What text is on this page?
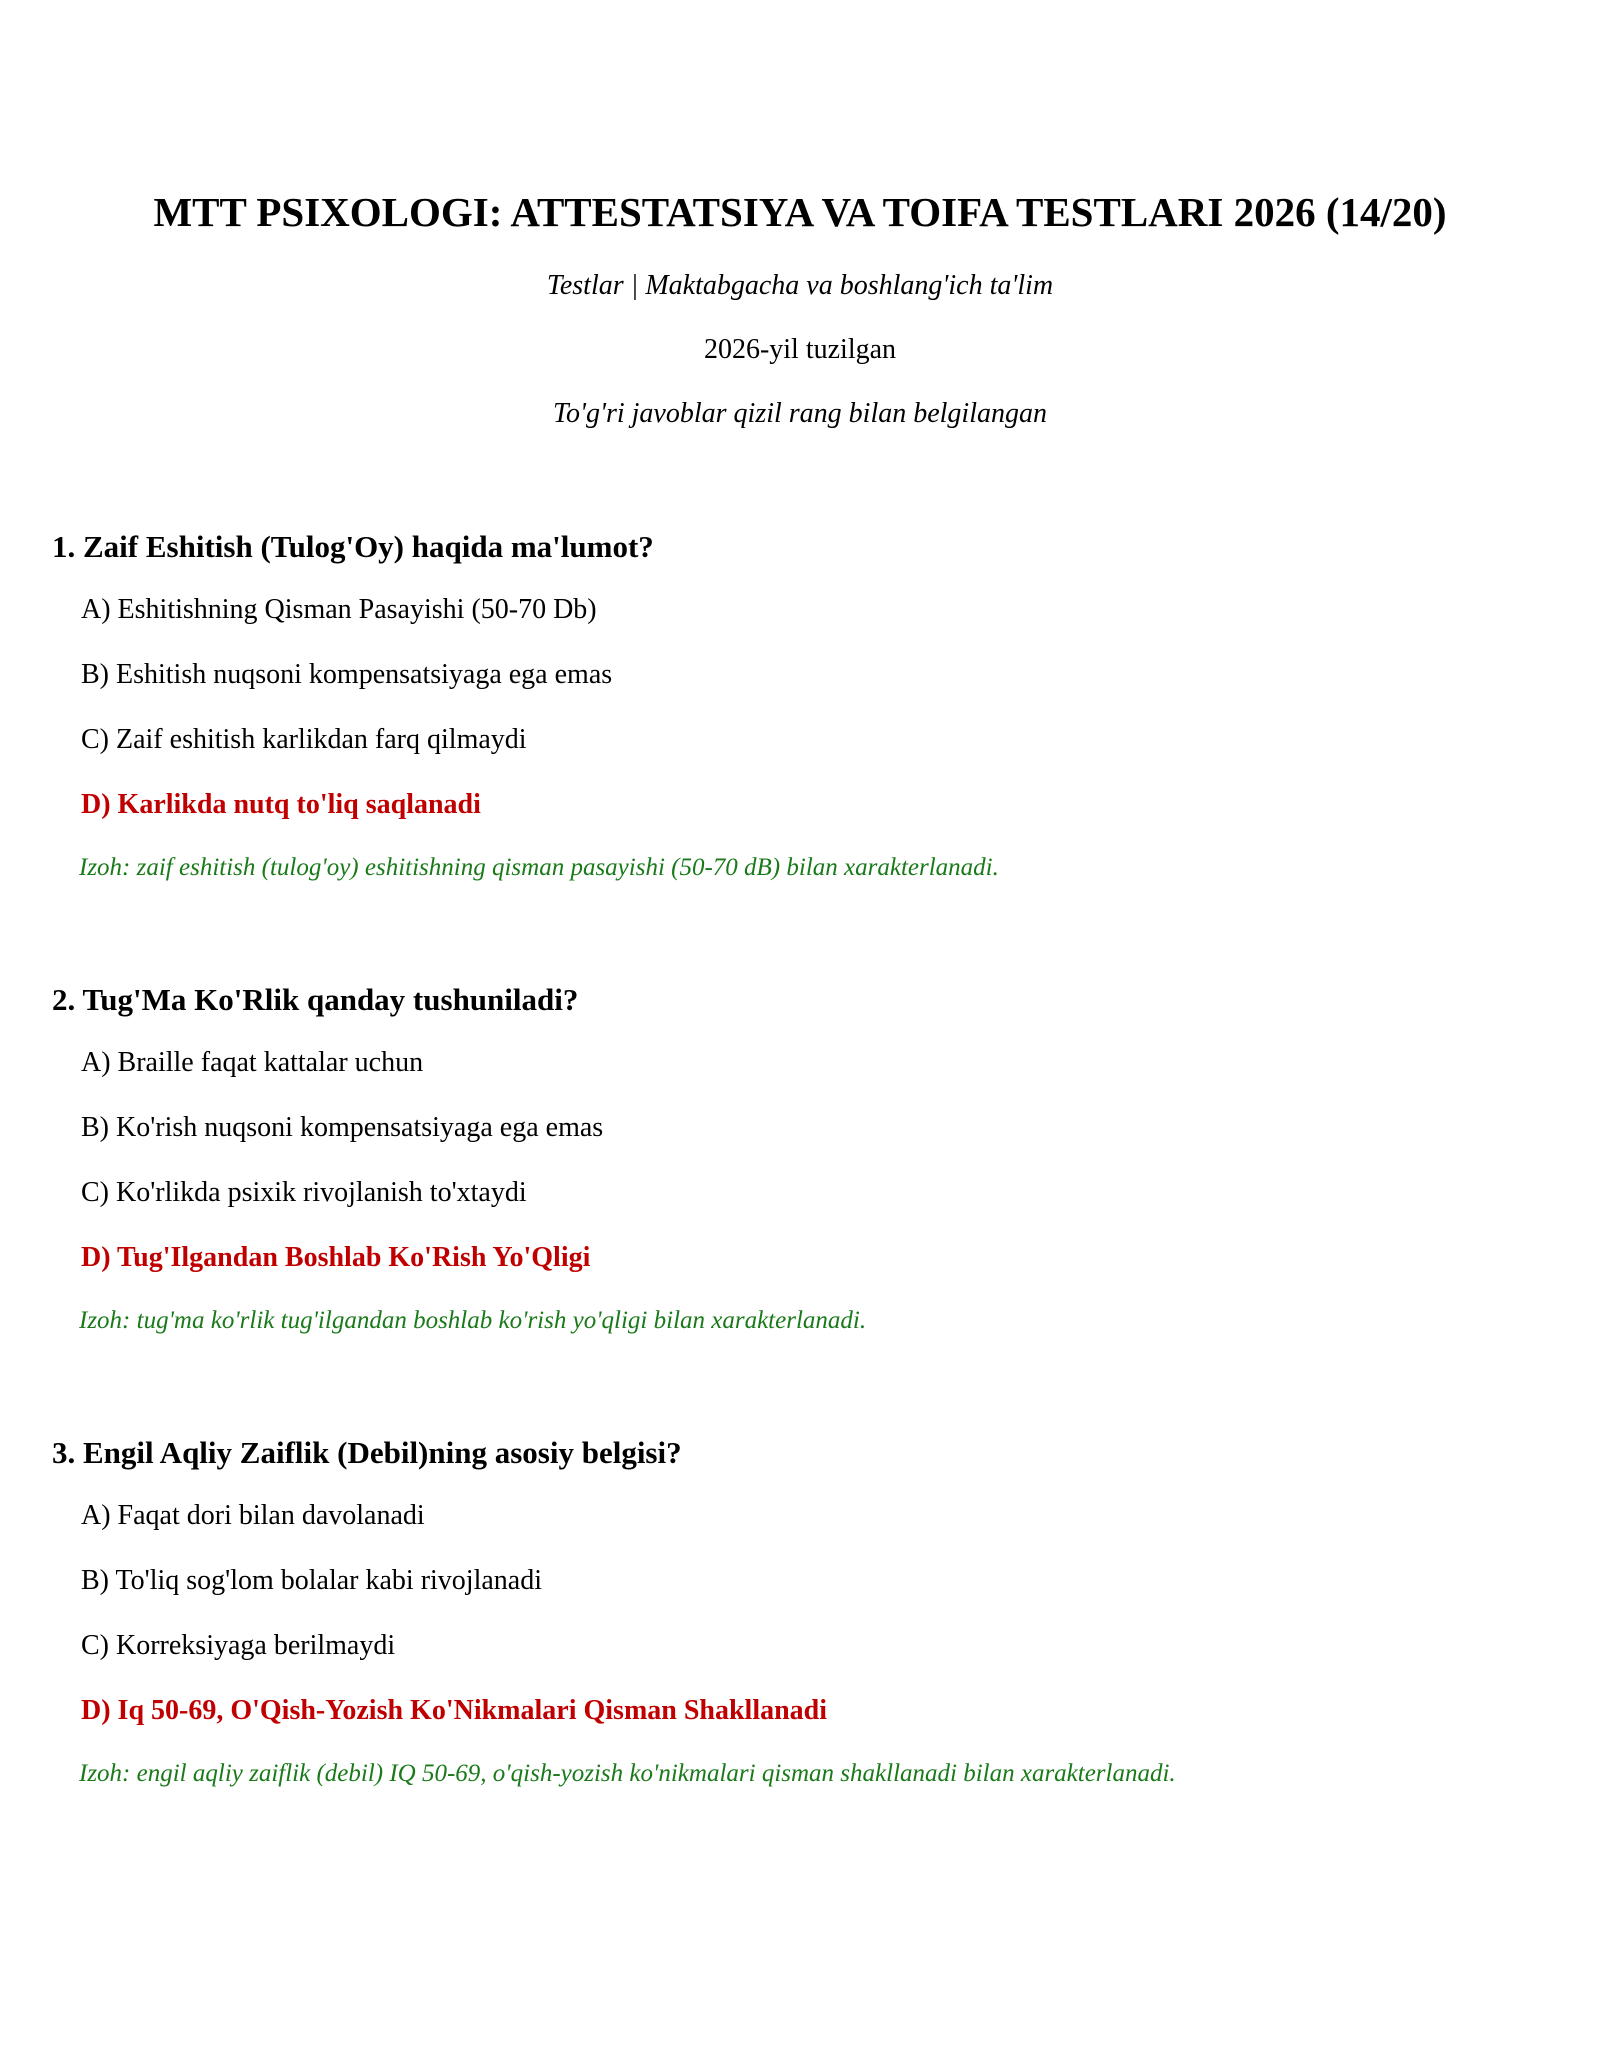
MTT PSIXOLOGI: ATTESTATSIYA VA TOIFA TESTLARI 2026 (14/20)

Testlar | Maktabgacha va boshlang'ich ta'lim

2026-yil tuzilgan

To'g'ri javoblar qizil rang bilan belgilangan

1. Zaif Eshitish (Tulog'Oy) haqida ma'lumot?

A) Eshitishning Qisman Pasayishi (50-70 Db)

B) Eshitish nuqsoni kompensatsiyaga ega emas

C) Zaif eshitish karlikdan farq qilmaydi

D) Karlikda nutq to'liq saqlanadi

Izoh: zaif eshitish (tulog'oy) eshitishning qisman pasayishi (50-70 dB) bilan xarakterlanadi.

2. Tug'Ma Ko'Rlik qanday tushuniladi?

A) Braille faqat kattalar uchun

B) Ko'rish nuqsoni kompensatsiyaga ega emas

C) Ko'rlikda psixik rivojlanish to'xtaydi

D) Tug'Ilgandan Boshlab Ko'Rish Yo'Qligi

Izoh: tug'ma ko'rlik tug'ilgandan boshlab ko'rish yo'qligi bilan xarakterlanadi.

3. Engil Aqliy Zaiflik (Debil)ning asosiy belgisi?

A) Faqat dori bilan davolanadi

B) To'liq sog'lom bolalar kabi rivojlanadi

C) Korreksiyaga berilmaydi

D) Iq 50-69, O'Qish-Yozish Ko'Nikmalari Qisman Shakllanadi

Izoh: engil aqliy zaiflik (debil) IQ 50-69, o'qish-yozish ko'nikmalari qisman shakllanadi bilan xarakterlanadi.
